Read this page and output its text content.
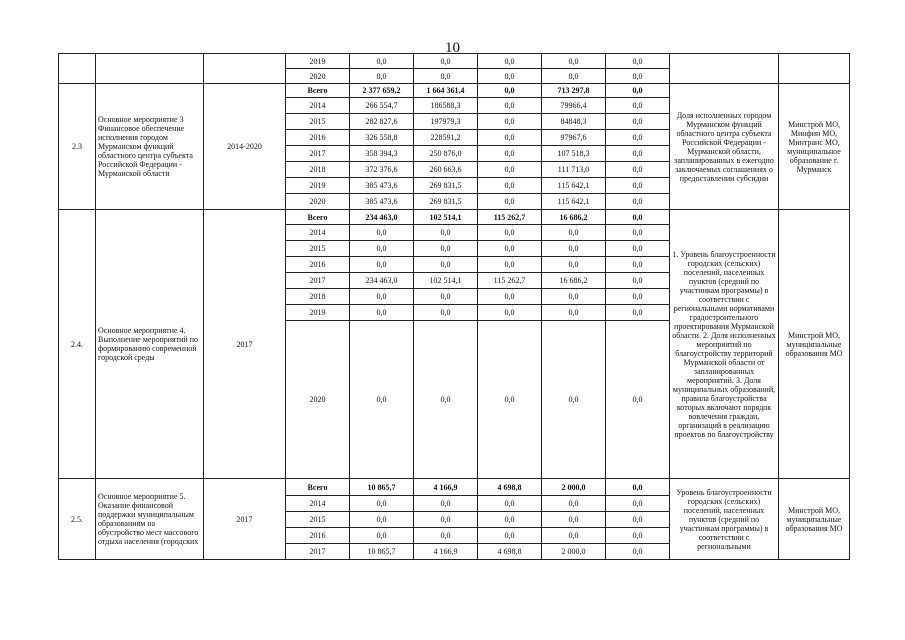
10
			2019	0,0	0,0	0,0	0,0	0,0		
			2020	0,0	0,0	0,0	0,0	0,0		
2.3	Основное мероприятие 3 Финансовое обеспечение исполнения городом Мурманском функций областного центра субъекта Российской Федерации - Мурманской области	2014-2020	Всего	2 377 659,2	1 664 361,4	0,0	713 297,8	0,0	Доля исполненных городом Мурманском функций областного центра субъекта Российской Федерации - Мурманской области, запланированных в ежегодно заключаемых соглашениях о предоставлении субсидии	Минстрой МО, Минфин МО, Минтранс МО, муниципальное образование г. Мурманск
			2014	266 554,7	186588,3	0,0	79966,4	0,0		
			2015	282 827,6	197979,3	0,0	84848,3	0,0		
			2016	326 558,8	228591,2	0,0	97967,6	0,0		
			2017	358 394,3	250 876,0	0,0	107 518,3	0,0		
			2018	372 376,6	260 663,6	0,0	111 713,0	0,0		
			2019	385 473,6	269 831,5	0,0	115 642,1	0,0		
			2020	385 473,6	269 831,5	0,0	115 642,1	0,0		
2.4.	Основное мероприятие 4. Выполнение мероприятий по формированию современной городской среды	2017	Всего	234 463,0	102 514,1	115 262,7	16 686,2	0,0	1. Уровень благоустроенности городских (сельских) поселений, населенных пунктов (средний по участникам программы) в соответствии с региональными нормативами градостроительного проектирования Мурманской области. 2. Доля исполненных мероприятий по благоустройству территорий Мурманской области от запланированных мероприятий. 3. Доля муниципальных образований, правила благоустройства которых включают порядок вовлечения граждан, организаций в реализацию проектов по благоустройству	Минстрой МО, муниципальные образования МО
			2014	0,0	0,0	0,0	0,0	0,0		
			2015	0,0	0,0	0,0	0,0	0,0		
			2016	0,0	0,0	0,0	0,0	0,0		
			2017	234 463,0	102 514,1	115 262,7	16 686,2	0,0		
			2018	0,0	0,0	0,0	0,0	0,0		
			2019	0,0	0,0	0,0	0,0	0,0		
			2020	0,0	0,0	0,0	0,0	0,0		
2.5.	Основное мероприятие 5. Оказание финансовой поддержки муниципальным образованиям на обустройство мест массового отдыха населения (городских	2017	Всего	10 865,7	4 166,9	4 698,8	2 000,0	0,0	Уровень благоустроенности городских (сельских) поселений, населенных пунктов (средний по участникам программы) в соответствии с региональными	Минстрой МО, муниципальные образования МО
			2014	0,0	0,0	0,0	0,0	0,0		
			2015	0,0	0,0	0,0	0,0	0,0		
			2016	0,0	0,0	0,0	0,0	0,0		
			2017	10 865,7	4 166,9	4 698,8	2 000,0	0,0		
